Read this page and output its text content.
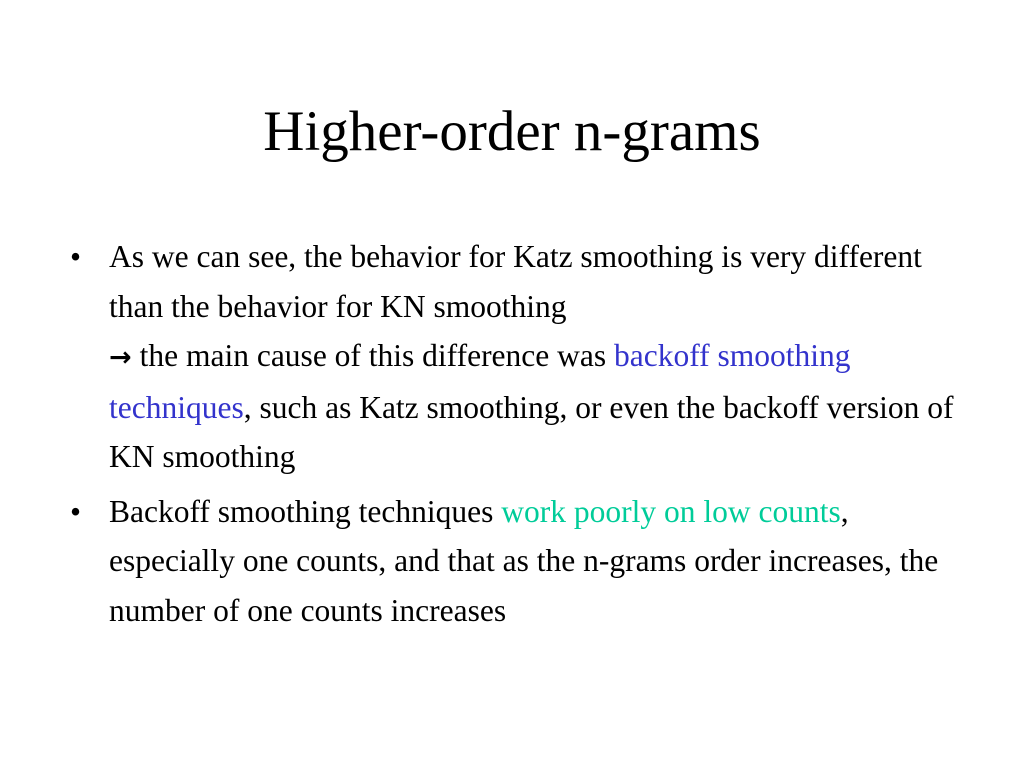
Higher-order n-grams
• As we can see, the behavior for Katz smoothing is very different than the behavior for KN smoothing
→ the main cause of this difference was backoff smoothing techniques, such as Katz smoothing, or even the backoff version of KN smoothing
• Backoff smoothing techniques work poorly on low counts, especially one counts, and that as the n-grams order increases, the number of one counts increases
